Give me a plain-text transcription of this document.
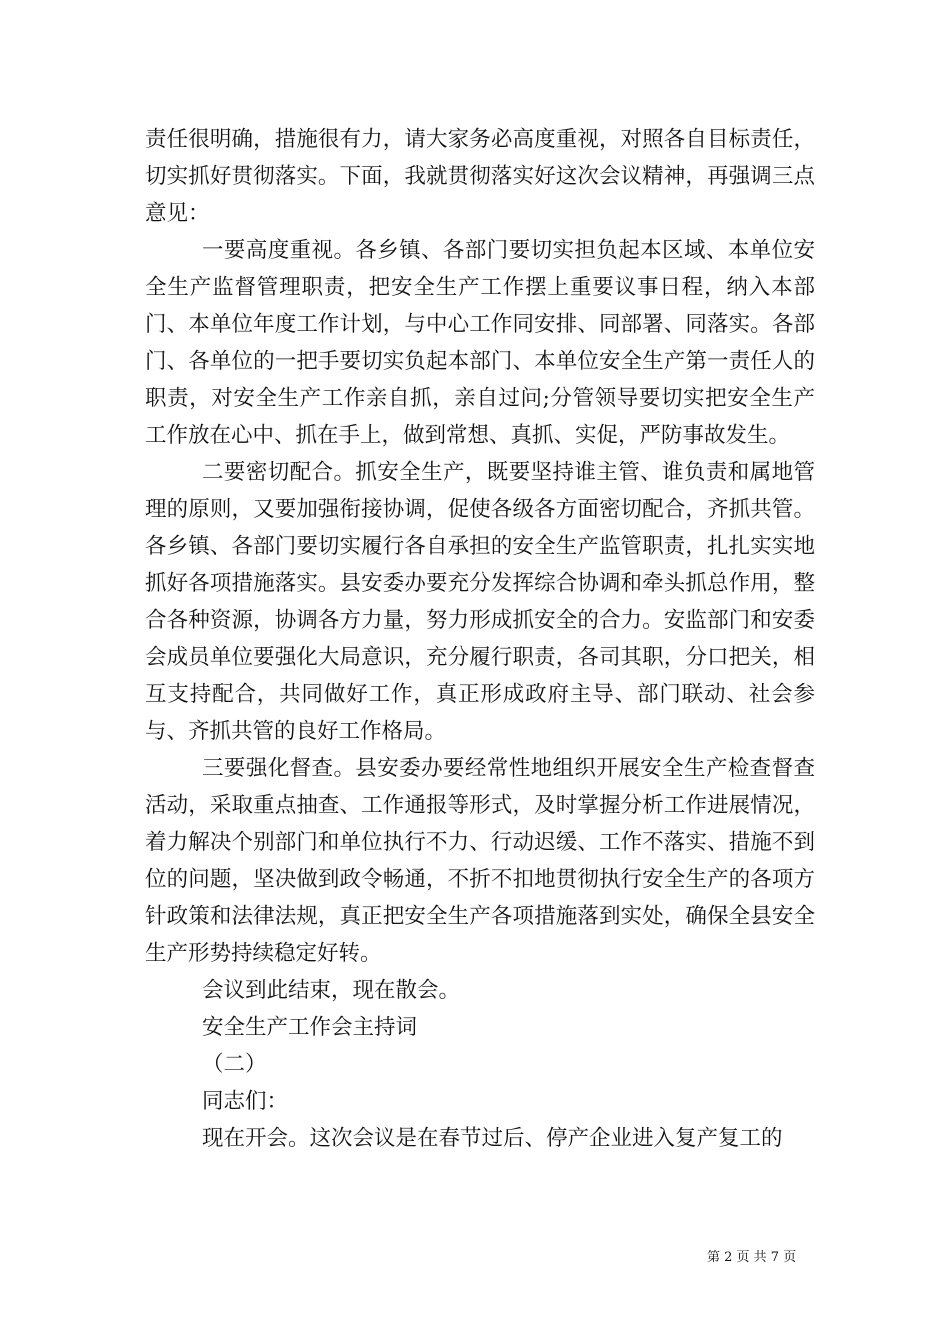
责任很明确，措施很有力，请大家务必高度重视，对照各自目标责任，切实抓好贯彻落实。下面，我就贯彻落实好这次会议精神，再强调三点意见：

一要高度重视。各乡镇、各部门要切实担负起本区域、本单位安全生产监督管理职责，把安全生产工作摆上重要议事日程，纳入本部门、本单位年度工作计划，与中心工作同安排、同部署、同落实。各部门、各单位的一把手要切实负起本部门、本单位安全生产第一责任人的职责，对安全生产工作亲自抓，亲自过问;分管领导要切实把安全生产工作放在心中、抓在手上，做到常想、真抓、实促，严防事故发生。

二要密切配合。抓安全生产，既要坚持谁主管、谁负责和属地管理的原则，又要加强衔接协调，促使各级各方面密切配合，齐抓共管。各乡镇、各部门要切实履行各自承担的安全生产监管职责，扎扎实实地抓好各项措施落实。县安委办要充分发挥综合协调和牵头抓总作用，整合各种资源，协调各方力量，努力形成抓安全的合力。安监部门和安委会成员单位要强化大局意识，充分履行职责，各司其职，分口把关，相互支持配合，共同做好工作，真正形成政府主导、部门联动、社会参与、齐抓共管的良好工作格局。

三要强化督查。县安委办要经常性地组织开展安全生产检查督查活动，采取重点抽查、工作通报等形式，及时掌握分析工作进展情况，着力解决个别部门和单位执行不力、行动迟缓、工作不落实、措施不到位的问题，坚决做到政令畅通，不折不扣地贯彻执行安全生产的各项方针政策和法律法规，真正把安全生产各项措施落到实处，确保全县安全生产形势持续稳定好转。

会议到此结束，现在散会。

安全生产工作会主持词

（二）

同志们：

现在开会。这次会议是在春节过后、停产企业进入复产复工的

第 2 页 共 7 页
